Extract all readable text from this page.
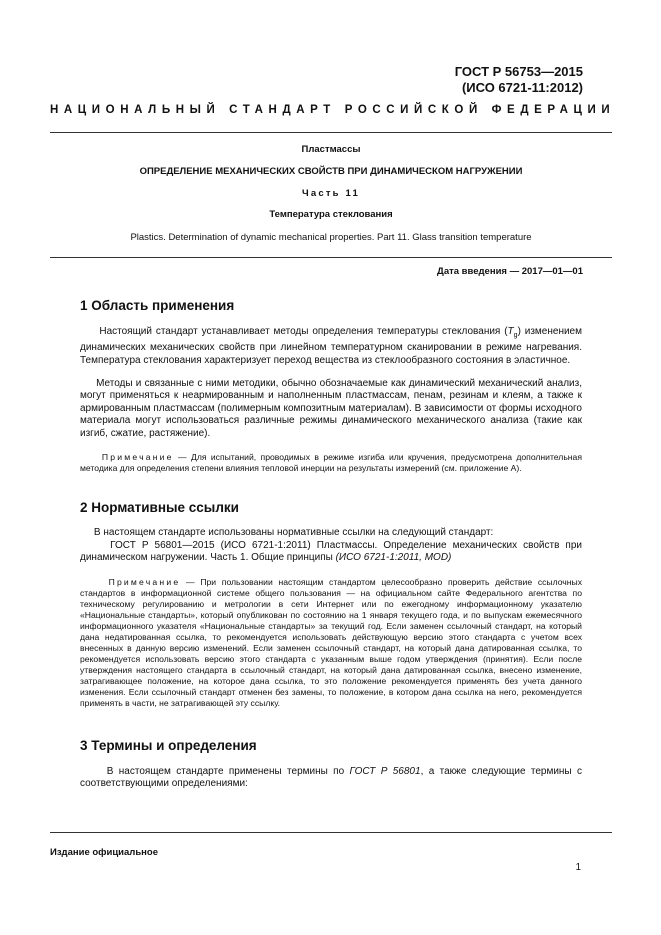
ГОСТ Р 56753—2015
(ИСО 6721-11:2012)
НАЦИОНАЛЬНЫЙ СТАНДАРТ РОССИЙСКОЙ ФЕДЕРАЦИИ
Пластмассы
ОПРЕДЕЛЕНИЕ МЕХАНИЧЕСКИХ СВОЙСТВ ПРИ ДИНАМИЧЕСКОМ НАГРУЖЕНИИ
Часть 11
Температура стеклования
Plastics. Determination of dynamic mechanical properties. Part 11. Glass transition temperature
Дата введения — 2017—01—01
1 Область применения
Настоящий стандарт устанавливает методы определения температуры стеклования $(T_g)$ изменением динамических механических свойств при линейном температурном сканировании в режиме нагревания. Температура стеклования характеризует переход вещества из стеклообразного состояния в эластичное.
Методы и связанные с ними методики, обычно обозначаемые как динамический механический анализ, могут применяться к неармированным и наполненным пластмассам, пенам, резинам и клеям, а также к армированным пластмассам (полимерным композитным материалам). В зависимости от формы исходного материала могут использоваться различные режимы динамического механического анализа (такие как изгиб, сжатие, растяжение).
Примечание — Для испытаний, проводимых в режиме изгиба или кручения, предусмотрена дополнительная методика для определения степени влияния тепловой инерции на результаты измерений (см. приложение А).
2 Нормативные ссылки
В настоящем стандарте использованы нормативные ссылки на следующий стандарт:
ГОСТ Р 56801—2015 (ИСО 6721-1:2011) Пластмассы. Определение механических свойств при динамическом нагружении. Часть 1. Общие принципы (ИСО 6721-1:2011, MOD)
Примечание — При пользовании настоящим стандартом целесообразно проверить действие ссылочных стандартов в информационной системе общего пользования — на официальном сайте Федерального агентства по техническому регулированию и метрологии в сети Интернет или по ежегодному информационному указателю «Национальные стандарты», который опубликован по состоянию на 1 января текущего года, и по выпускам ежемесячного информационного указателя «Национальные стандарты» за текущий год. Если заменен ссылочный стандарт, на который дана недатированная ссылка, то рекомендуется использовать действующую версию этого стандарта с учетом всех внесенных в данную версию изменений. Если заменен ссылочный стандарт, на который дана датированная ссылка, то рекомендуется использовать версию этого стандарта с указанным выше годом утверждения (принятия). Если после утверждения настоящего стандарта в ссылочный стандарт, на который дана датированная ссылка, внесено изменение, затрагивающее положение, на которое дана ссылка, то это положение рекомендуется применять без учета данного изменения. Если ссылочный стандарт отменен без замены, то положение, в котором дана ссылка на него, рекомендуется применять в части, не затрагивающей эту ссылку.
3 Термины и определения
В настоящем стандарте применены термины по ГОСТ Р 56801, а также следующие термины с соответствующими определениями:
Издание официальное
1
